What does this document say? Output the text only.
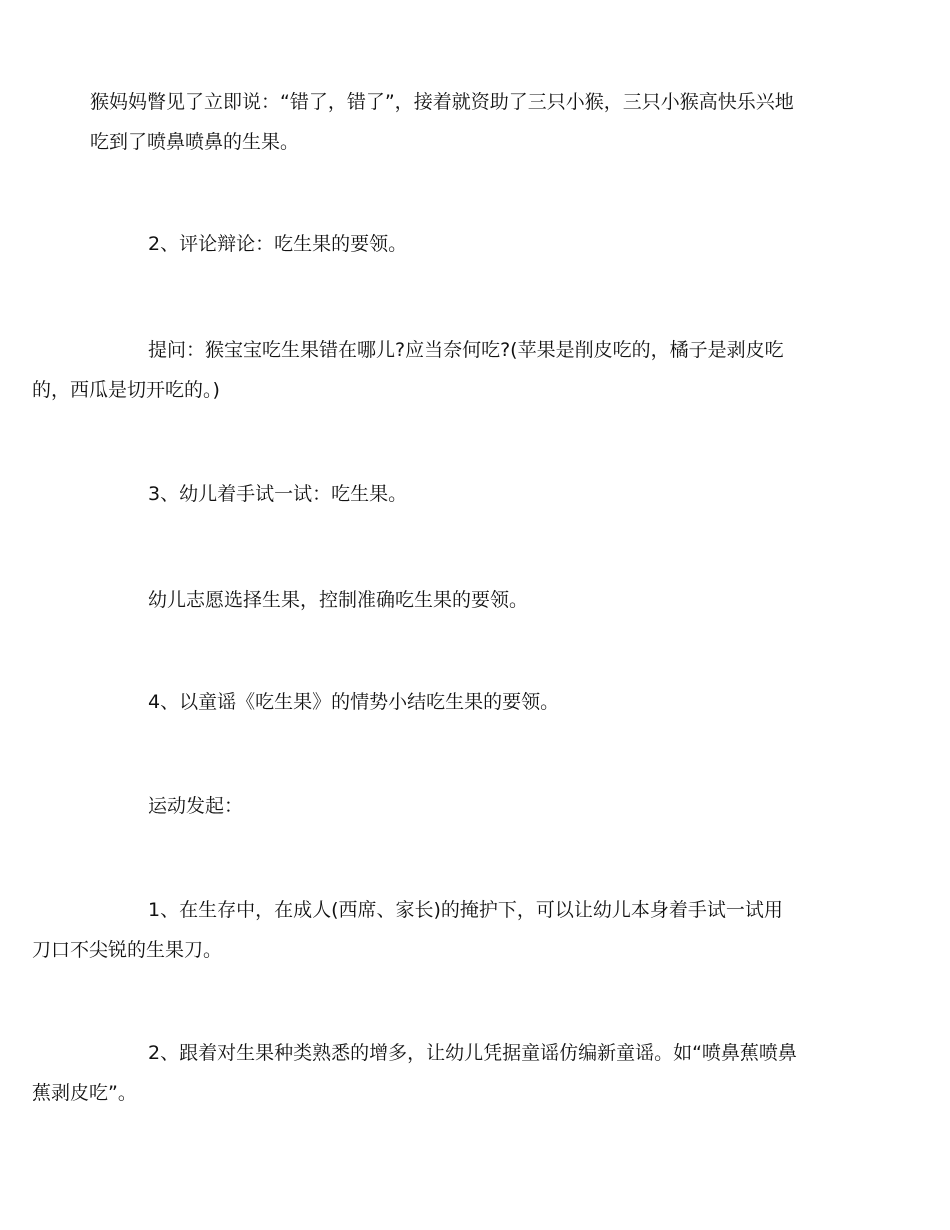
猴妈妈瞥见了立即说：“错了，错了”，接着就资助了三只小猴，三只小猴高快乐兴地
吃到了喷鼻喷鼻的生果。

2、评论辩论：吃生果的要领。

提问：猴宝宝吃生果错在哪儿?应当奈何吃?(苹果是削皮吃的，橘子是剥皮吃
的，西瓜是切开吃的。)

3、幼儿着手试一试：吃生果。

幼儿志愿选择生果，控制准确吃生果的要领。

4、以童谣《吃生果》的情势小结吃生果的要领。

运动发起：

1、在生存中，在成人(西席、家长)的掩护下，可以让幼儿本身着手试一试用
刀口不尖锐的生果刀。

2、跟着对生果种类熟悉的增多，让幼儿凭据童谣仿编新童谣。如“喷鼻蕉喷鼻
蕉剥皮吃”。
